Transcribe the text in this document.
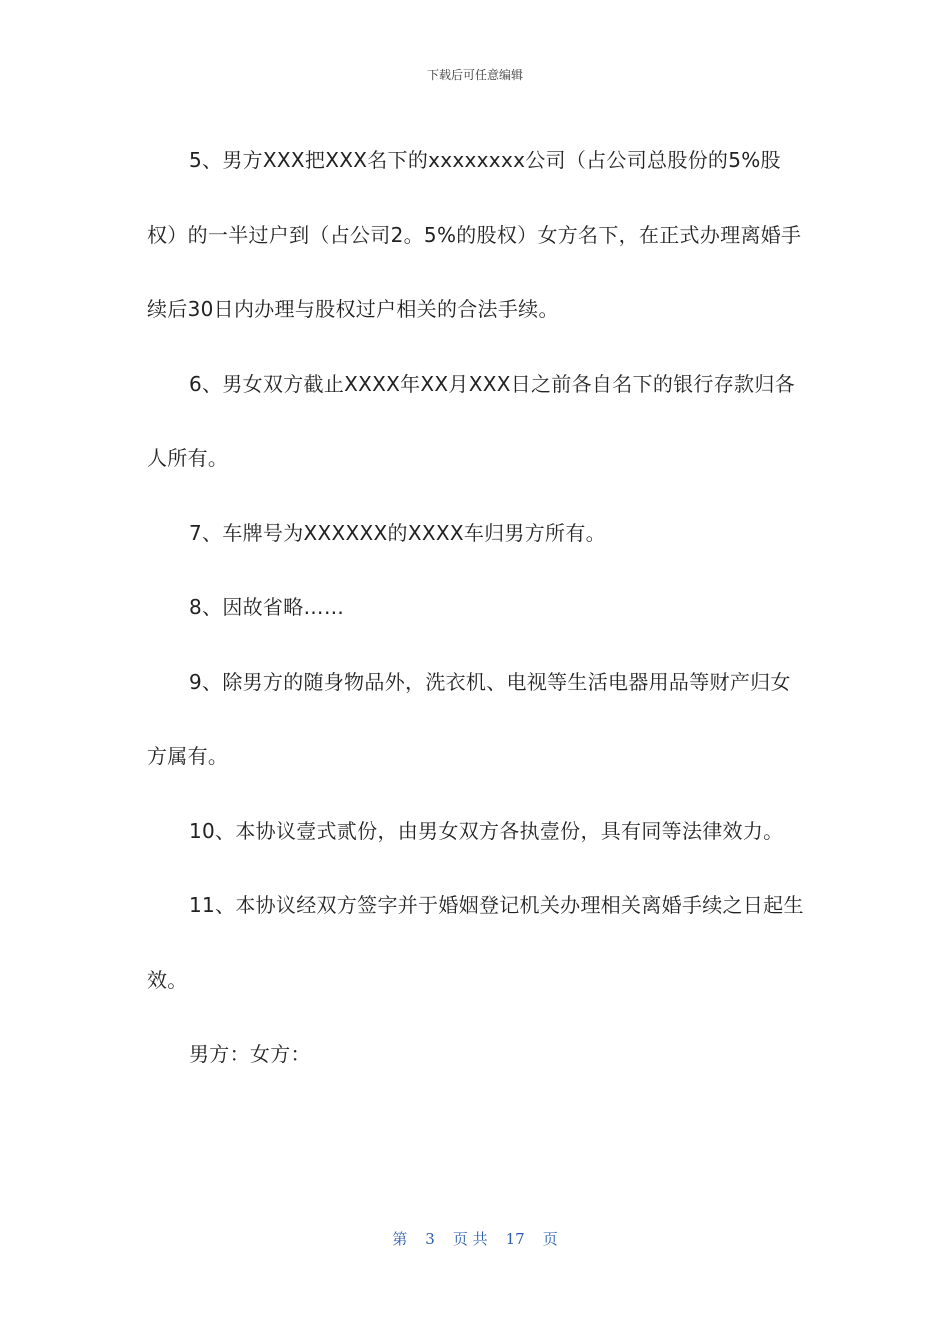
下载后可任意编辑

5、男方XXX把XXX名下的xxxxxxxx公司（占公司总股份的5%股权）的一半过户到（占公司2。5%的股权）女方名下，在正式办理离婚手续后30日内办理与股权过户相关的合法手续。

6、男女双方截止XXXX年XX月XXX日之前各自名下的银行存款归各人所有。

7、车牌号为XXXXXX的XXXX车归男方所有。

8、因故省略……

9、除男方的随身物品外，洗衣机、电视等生活电器用品等财产归女方属有。

10、本协议壹式贰份，由男女双方各执壹份，具有同等法律效力。

11、本协议经双方签字并于婚姻登记机关办理相关离婚手续之日起生效。

男方：女方：

第 3 页 共 17 页
